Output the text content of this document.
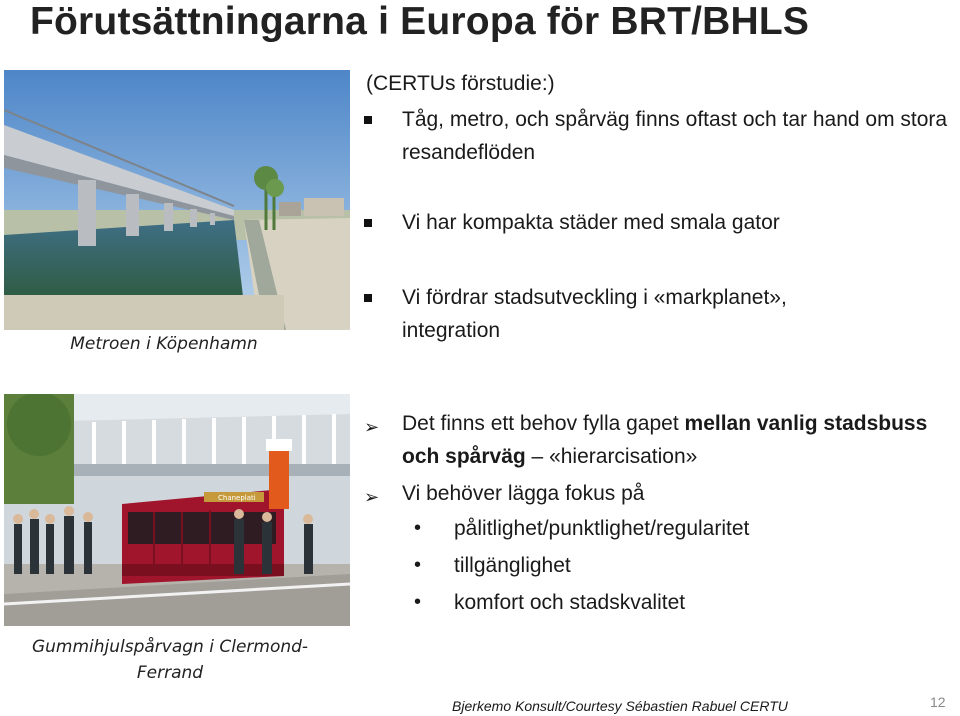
Förutsättningarna i Europa för BRT/BHLS
Metroen i Köpenhamn
Chaneplati
Gummihjulspårvagn i Clermond-Ferrand
(CERTUs förstudie:)
Tåg, metro, och spårväg finns oftast och tar hand om stora resandeflöden
Vi har kompakta städer med smala gator
Vi fördrar stadsutveckling i «markplanet», integration
➢ Det finns ett behov fylla gapet mellan vanlig stadsbuss och spårväg – «hierarcisation»
➢ Vi behöver lägga fokus på
• pålitlighet/punktlighet/regularitet
• tillgänglighet
• komfort och stadskvalitet
Bjerkemo Konsult/Courtesy Sébastien Rabuel CERTU	12
